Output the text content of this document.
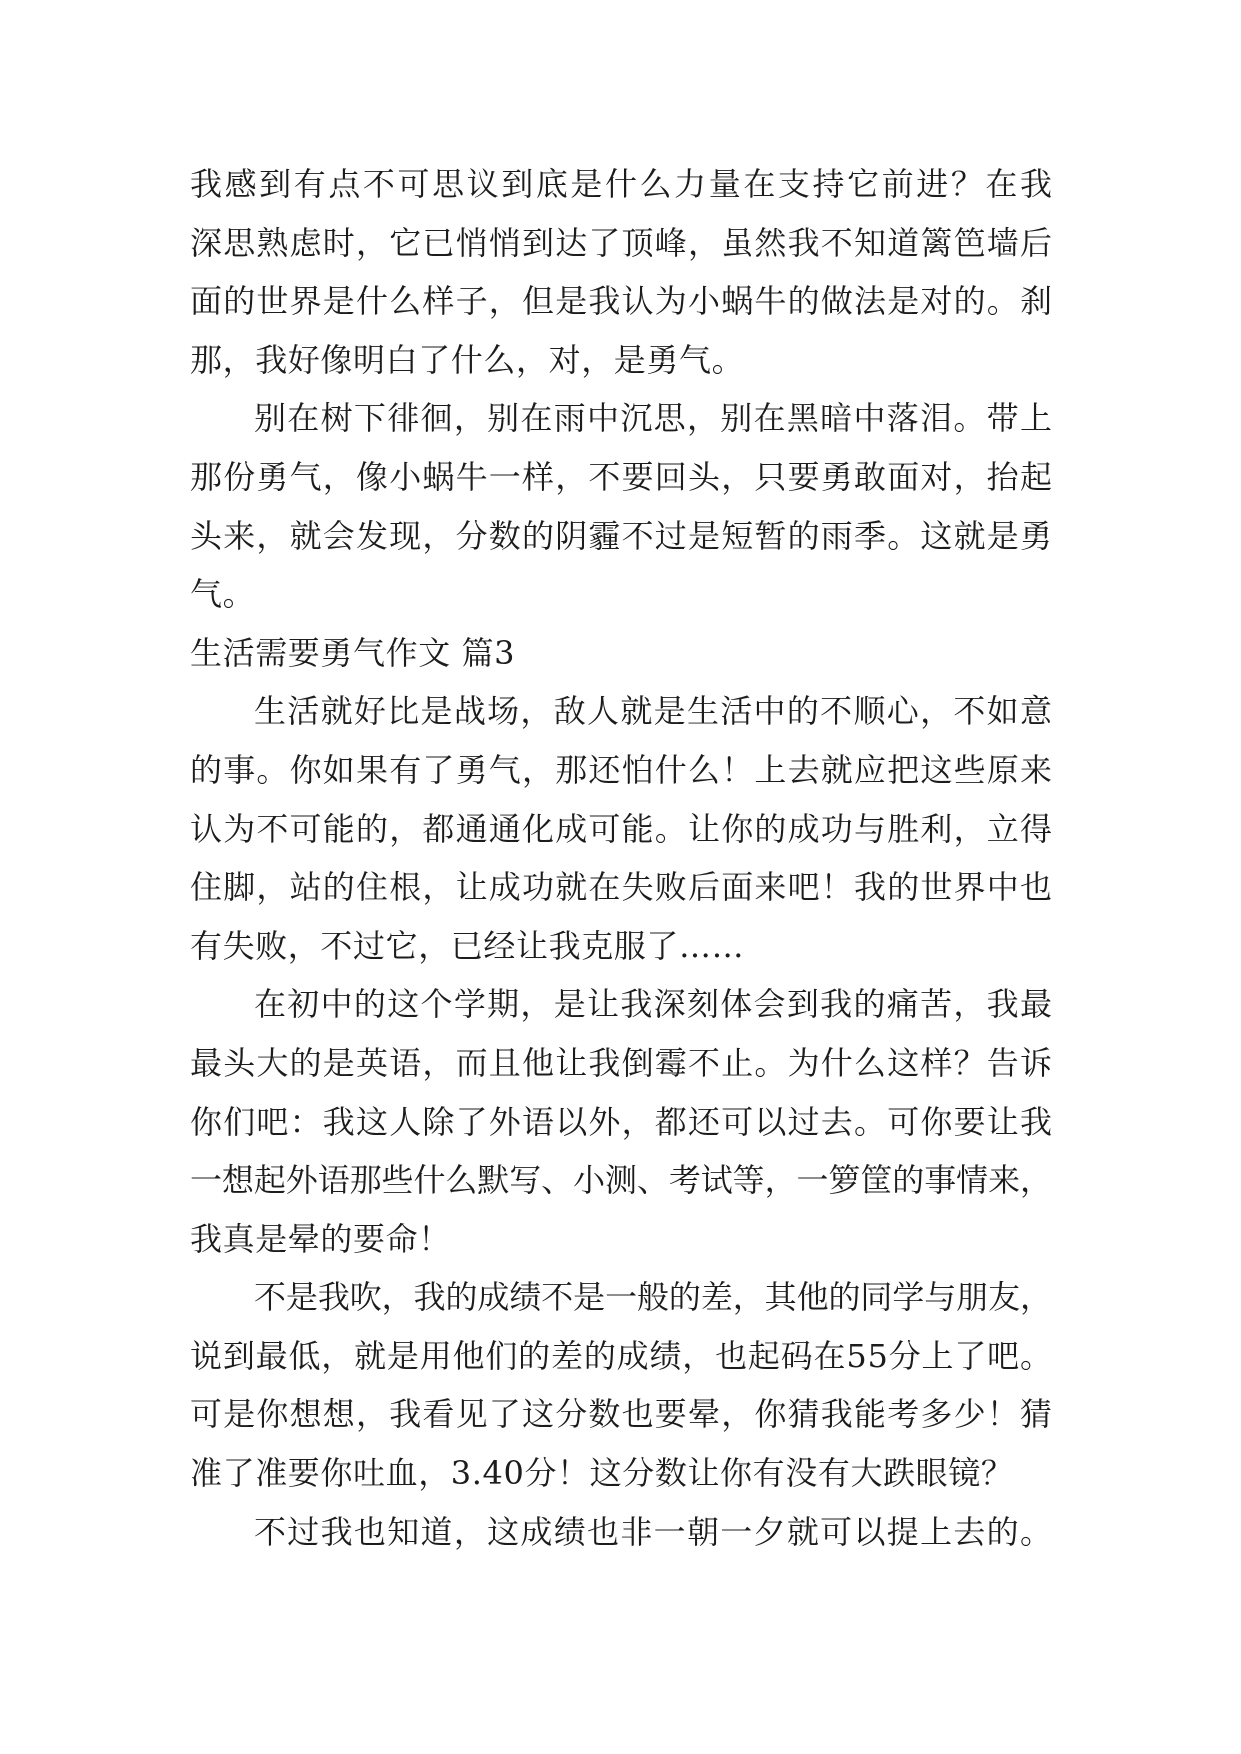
我感到有点不可思议到底是什么力量在支持它前进？在我
深思熟虑时，它已悄悄到达了顶峰，虽然我不知道篱笆墙后
面的世界是什么样子，但是我认为小蜗牛的做法是对的。刹
那，我好像明白了什么，对，是勇气。
别在树下徘徊，别在雨中沉思，别在黑暗中落泪。带上
那份勇气，像小蜗牛一样，不要回头，只要勇敢面对，抬起
头来，就会发现，分数的阴霾不过是短暂的雨季。这就是勇
气。
生活需要勇气作文 篇3
生活就好比是战场，敌人就是生活中的不顺心，不如意
的事。你如果有了勇气，那还怕什么！上去就应把这些原来
认为不可能的，都通通化成可能。让你的成功与胜利，立得
住脚，站的住根，让成功就在失败后面来吧！我的世界中也
有失败，不过它，已经让我克服了……
在初中的这个学期，是让我深刻体会到我的痛苦，我最
最头大的是英语，而且他让我倒霉不止。为什么这样？告诉
你们吧：我这人除了外语以外，都还可以过去。可你要让我
一想起外语那些什么默写、小测、考试等，一箩筐的事情来，
我真是晕的要命！
不是我吹，我的成绩不是一般的差，其他的同学与朋友，
说到最低，就是用他们的差的成绩，也起码在55分上了吧。
可是你想想，我看见了这分数也要晕，你猜我能考多少！猜
准了准要你吐血，3.40分！这分数让你有没有大跌眼镜？
不过我也知道，这成绩也非一朝一夕就可以提上去的。
